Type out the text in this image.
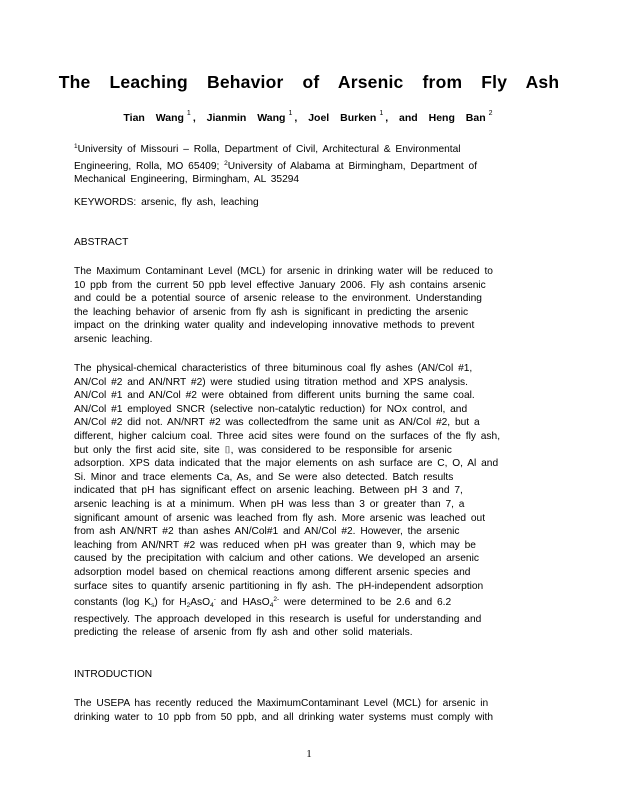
The Leaching Behavior of Arsenic from Fly Ash
Tian Wang $^1$ , Jianmin Wang $^1$ , Joel Burken $^1$ , and Heng Ban $^2$
$^1$University of Missouri – Rolla, Department of Civil, Architectural & Environmental
Engineering, Rolla, MO 65409; $^2$University of Alabama at Birmingham, Department of
Mechanical Engineering, Birmingham, AL 35294
KEYWORDS: arsenic, fly ash, leaching
ABSTRACT
The Maximum Contaminant Level (MCL) for arsenic in drinking water will be reduced to
10 ppb from the current 50 ppb level effective January 2006. Fly ash contains arsenic
and could be a potential source of arsenic release to the environment. Understanding
the leaching behavior of arsenic from fly ash is significant in predicting the arsenic
impact on the drinking water quality and indeveloping innovative methods to prevent
arsenic leaching.
The physical-chemical characteristics of three bituminous coal fly ashes (AN/Col #1,
AN/Col #2 and AN/NRT #2) were studied using titration method and XPS analysis.
AN/Col #1 and AN/Col #2 were obtained from different units burning the same coal.
AN/Col #1 employed SNCR (selective non-catalytic reduction) for NOx control, and
AN/Col #2 did not. AN/NRT #2 was collectedfrom the same unit as AN/Col #2, but a
different, higher calcium coal. Three acid sites were found on the surfaces of the fly ash,
but only the first acid site, site ⌷, was considered to be responsible for arsenic
adsorption. XPS data indicated that the major elements on ash surface are C, O, Al and
Si. Minor and trace elements Ca, As, and Se were also detected. Batch results
indicated that pH has significant effect on arsenic leaching. Between pH 3 and 7,
arsenic leaching is at a minimum. When pH was less than 3 or greater than 7, a
significant amount of arsenic was leached from fly ash. More arsenic was leached out
from ash AN/NRT #2 than ashes AN/Col#1 and AN/Col #2. However, the arsenic
leaching from AN/NRT #2 was reduced when pH was greater than 9, which may be
caused by the precipitation with calcium and other cations. We developed an arsenic
adsorption model based on chemical reactions among different arsenic species and
surface sites to quantify arsenic partitioning in fly ash. The pH-independent adsorption
constants (log $K_s$) for $H_2AsO_4^-$ and HAsO$_4^{2-}$ were determined to be 2.6 and 6.2
respectively. The approach developed in this research is useful for understanding and
predicting the release of arsenic from fly ash and other solid materials.
INTRODUCTION
The USEPA has recently reduced the MaximumContaminant Level (MCL) for arsenic in
drinking water to 10 ppb from 50 ppb, and all drinking water systems must comply with
1
